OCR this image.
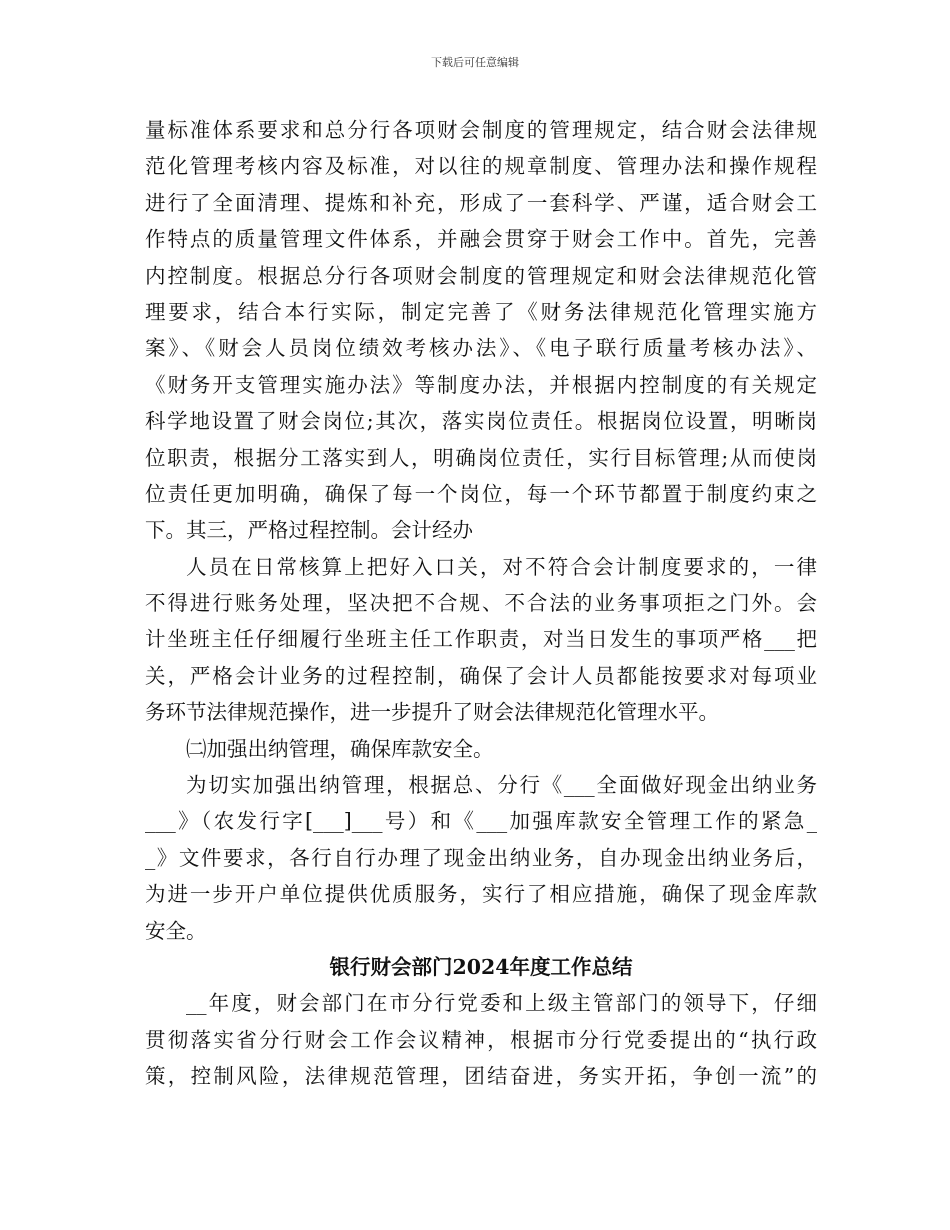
下载后可任意编辑
量标准体系要求和总分行各项财会制度的管理规定，结合财会法律规
范化管理考核内容及标准，对以往的规章制度、管理办法和操作规程
进行了全面清理、提炼和补充，形成了一套科学、严谨，适合财会工
作特点的质量管理文件体系，并融会贯穿于财会工作中。首先，完善
内控制度。根据总分行各项财会制度的管理规定和财会法律规范化管
理要求，结合本行实际，制定完善了《财务法律规范化管理实施方
案》、《财会人员岗位绩效考核办法》、《电子联行质量考核办法》、
《财务开支管理实施办法》等制度办法，并根据内控制度的有关规定
科学地设置了财会岗位;其次，落实岗位责任。根据岗位设置，明晰岗
位职责，根据分工落实到人，明确岗位责任，实行目标管理;从而使岗
位责任更加明确，确保了每一个岗位，每一个环节都置于制度约束之
下。其三，严格过程控制。会计经办
人员在日常核算上把好入口关，对不符合会计制度要求的，一律
不得进行账务处理，坚决把不合规、不合法的业务事项拒之门外。会
计坐班主任仔细履行坐班主任工作职责，对当日发生的事项严格___把
关，严格会计业务的过程控制，确保了会计人员都能按要求对每项业
务环节法律规范操作，进一步提升了财会法律规范化管理水平。
㈡加强出纳管理，确保库款安全。
为切实加强出纳管理，根据总、分行《___全面做好现金出纳业务
___》（农发行字[___]___号）和《___加强库款安全管理工作的紧急_
_》文件要求，各行自行办理了现金出纳业务，自办现金出纳业务后，
为进一步开户单位提供优质服务，实行了相应措施，确保了现金库款
安全。
银行财会部门2024年度工作总结
__年度，财会部门在市分行党委和上级主管部门的领导下，仔细
贯彻落实省分行财会工作会议精神，根据市分行党委提出的“执行政
策，控制风险，法律规范管理，团结奋进，务实开拓，争创一流”的
